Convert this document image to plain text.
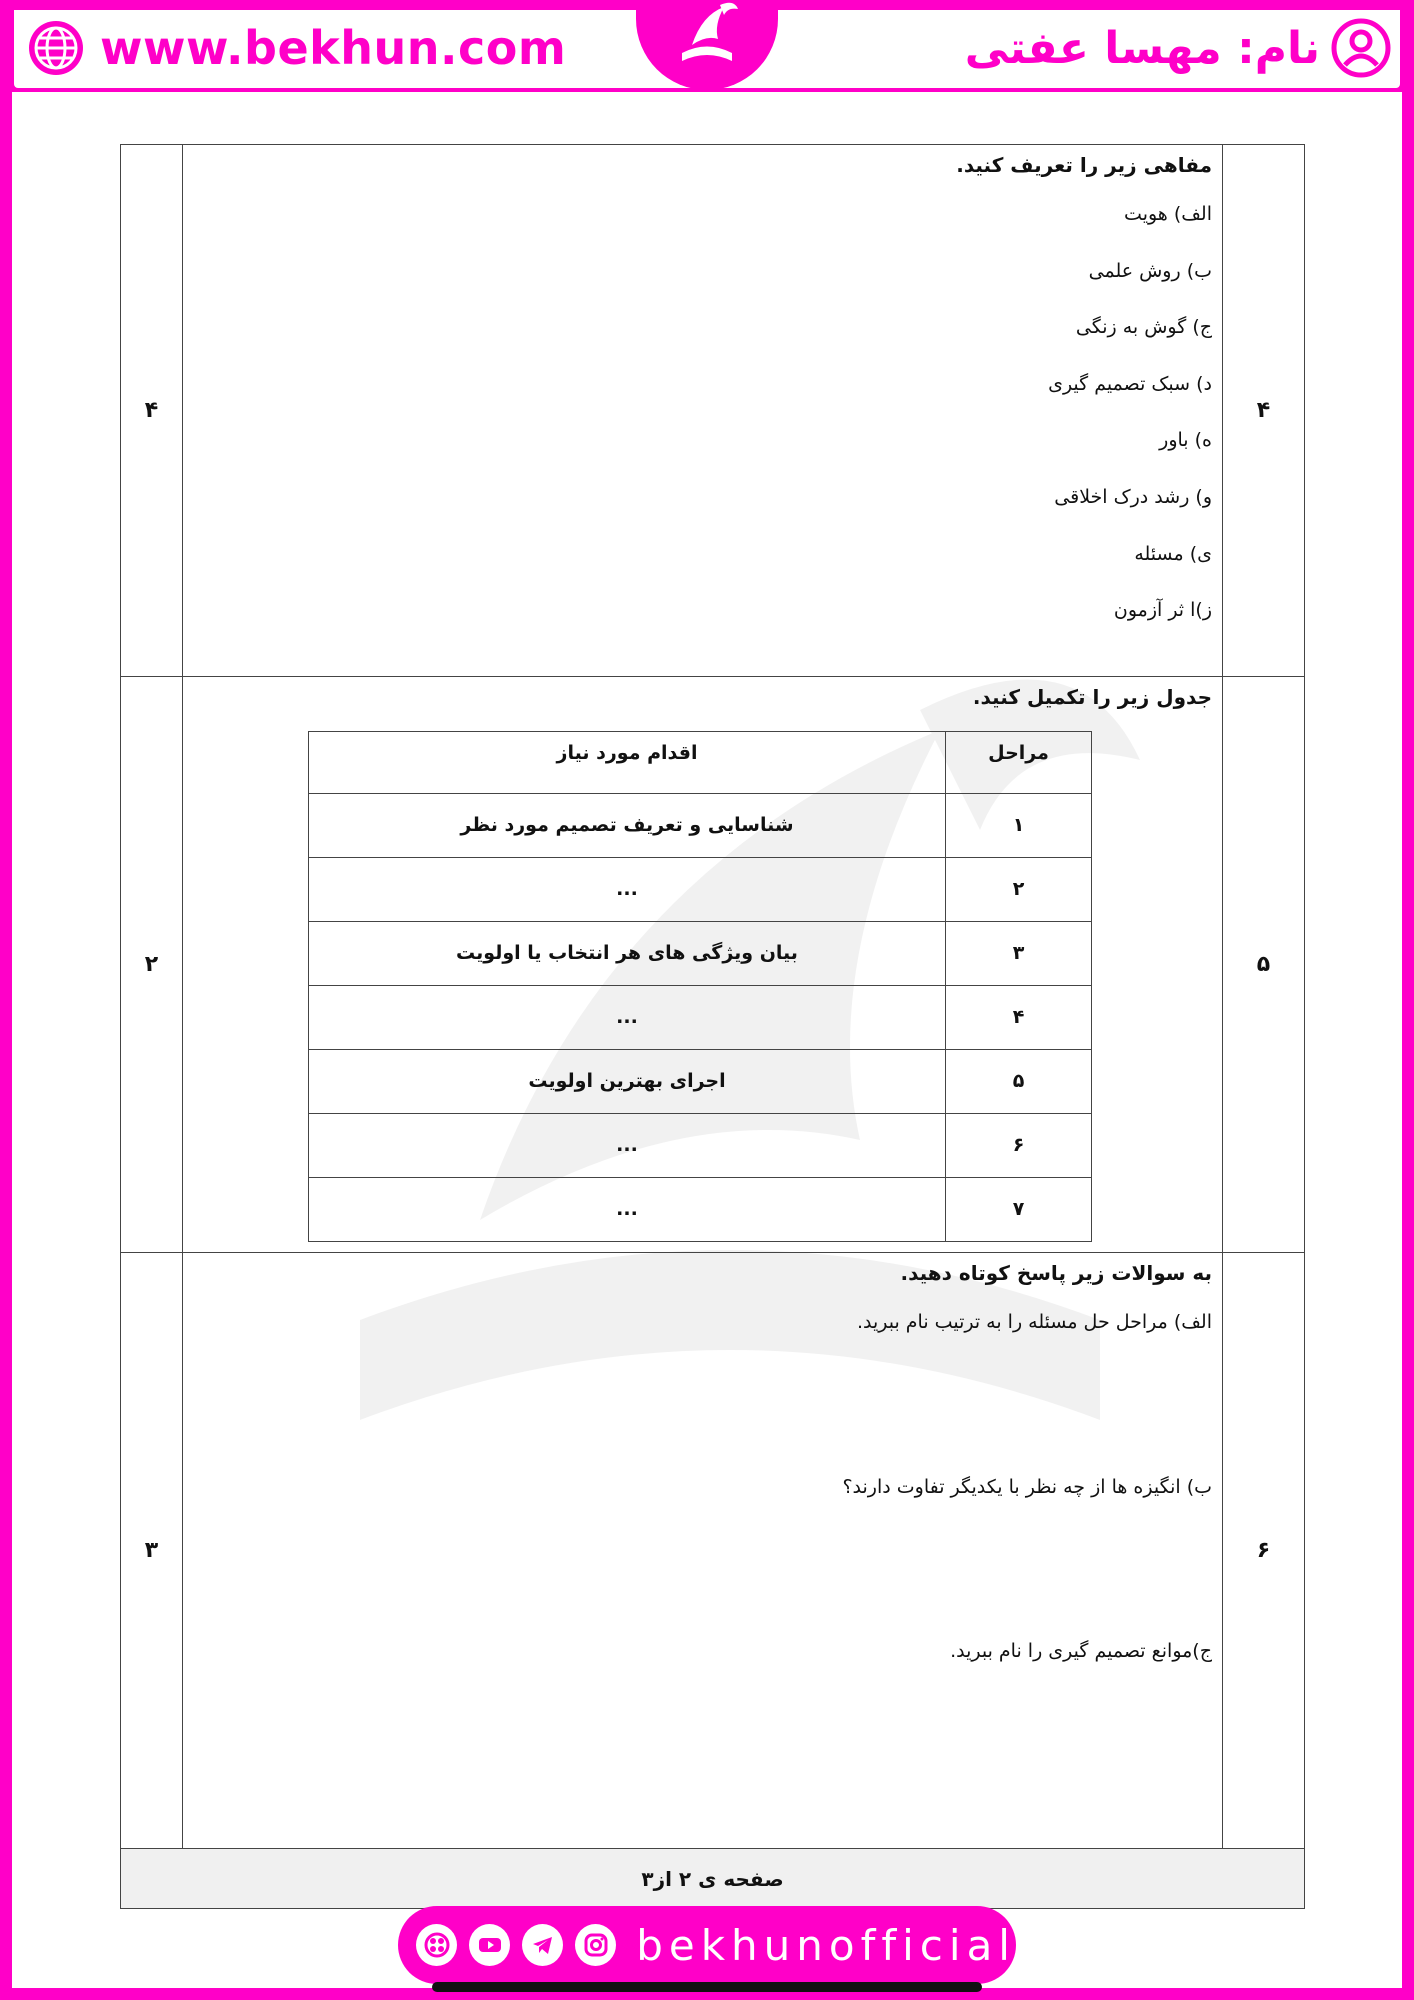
www.bekhun.com	نام: مهسا عفتی
۴	

مفاهی زیر را تعریف کنید.

الف) هویت

ب) روش علمی

ج) گوش به زنگی

د) سبک تصمیم گیری

ه) باور

و) رشد درک اخلاقی

ی) مسئله

ز)ا ثر آزمون

	۴
۵	

جدول زیر را تکمیل کنید.

مراحل	اقدام مورد نیاز
۱	شناسایی و تعریف تصمیم مورد نظر
۲	...
۳	بیان ویژگی های هر انتخاب یا اولویت
۴	...
۵	اجرای بهترین اولویت
۶	...
۷	...
	۲
۶	

به سوالات زیر پاسخ کوتاه دهید.

الف) مراحل حل مسئله را به ترتیب نام ببرید.

ب) انگیزه ها از چه نظر با یکدیگر تفاوت دارند؟

ج)موانع تصمیم گیری را نام ببرید.

	۳
صفحه ی ۲ از۳
bekhunofficial
